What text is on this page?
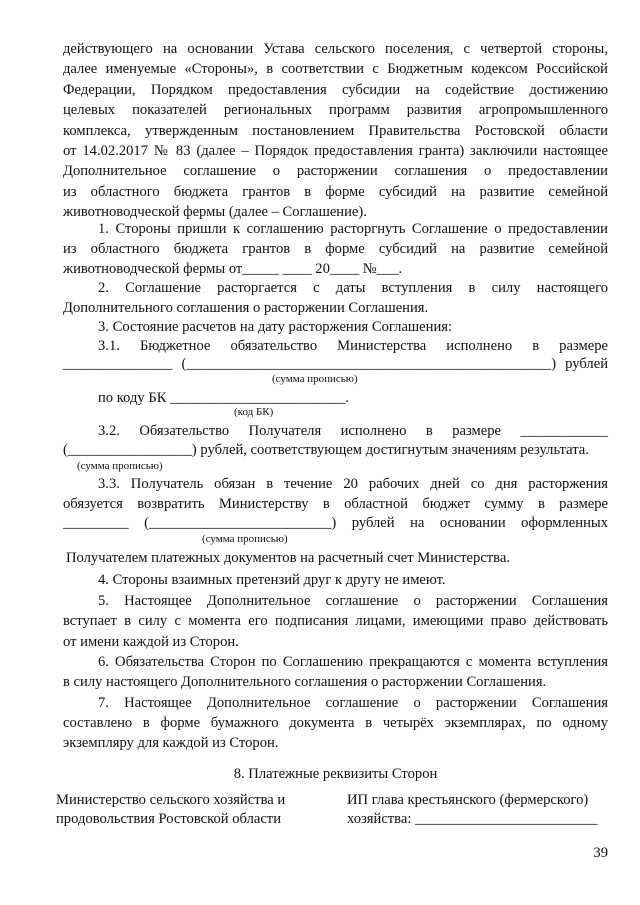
действующего на основании Устава сельского поселения, с четвертой стороны,
далее именуемые «Стороны», в соответствии с Бюджетным кодексом Российской
Федерации, Порядком предоставления субсидии на содействие достижению
целевых показателей региональных программ развития агропромышленного
комплекса, утвержденным постановлением Правительства Ростовской области
от 14.02.2017 № 83 (далее – Порядок предоставления гранта) заключили настоящее
Дополнительное соглашение о расторжении соглашения о предоставлении
из областного бюджета грантов в форме субсидий на развитие семейной
животноводческой фермы (далее – Соглашение).
1. Стороны пришли к соглашению расторгнуть Соглашение о предоставлении
из областного бюджета грантов в форме субсидий на развитие семейной
животноводческой фермы от_____ ____ 20____ №___.
2. Соглашение расторгается с даты вступления в силу настоящего
Дополнительного соглашения о расторжении Соглашения.
3. Состояние расчетов на дату расторжения Соглашения:
3.1. Бюджетное обязательство Министерства исполнено в размере
_______________ (__________________________________________________) рублей
(сумма прописью)
по коду БК ________________________.
(код БК)
3.2. Обязательство Получателя исполнено в размере ____________
(_________________) рублей, соответствующем достигнутым значениям результата.
(сумма прописью)
3.3. Получатель обязан в течение 20 рабочих дней со дня расторжения
обязуется возвратить Министерству в областной бюджет сумму в размере
_________ (_________________________) рублей на основании оформленных
(сумма прописью)
Получателем платежных документов на расчетный счет Министерства.
4. Стороны взаимных претензий друг к другу не имеют.
5. Настоящее Дополнительное соглашение о расторжении Соглашения
вступает в силу с момента его подписания лицами, имеющими право действовать
от имени каждой из Сторон.
6. Обязательства Сторон по Соглашению прекращаются с момента вступления
в силу настоящего Дополнительного соглашения о расторжении Соглашения.
7. Настоящее Дополнительное соглашение о расторжении Соглашения
составлено в форме бумажного документа в четырёх экземплярах, по одному
экземпляру для каждой из Сторон.
8. Платежные реквизиты Сторон
Министерство сельского хозяйства и
продовольствия Ростовской области
ИП глава крестьянского (фермерского)
хозяйства: _________________________
39
